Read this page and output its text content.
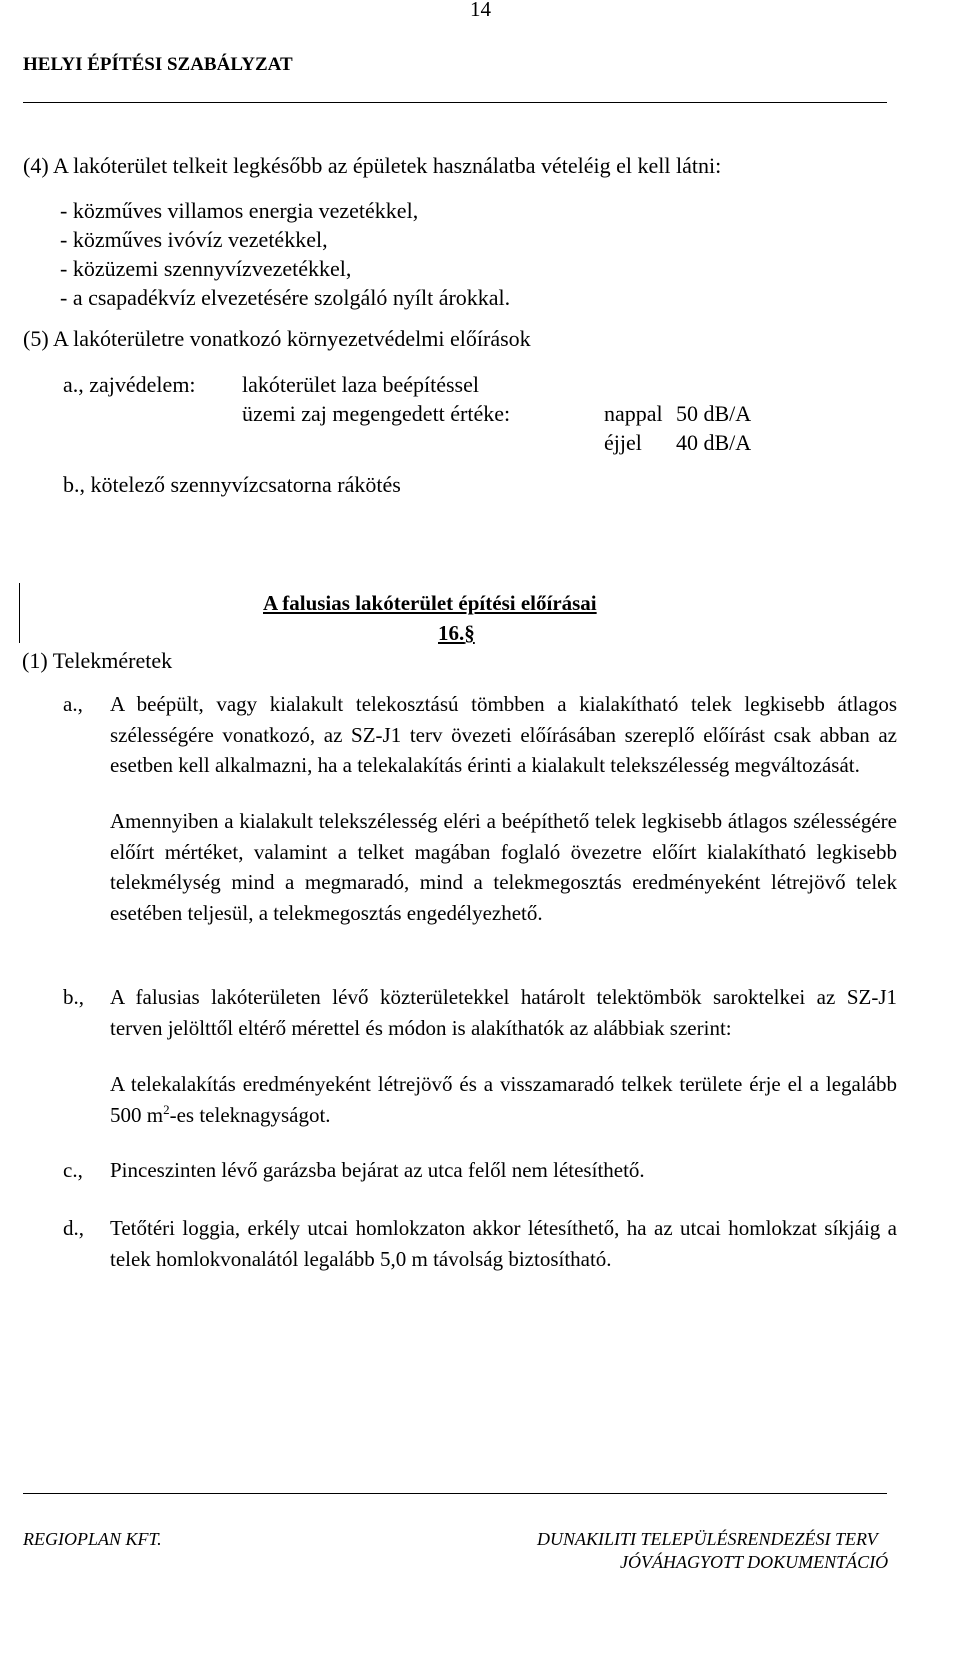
14
HELYI ÉPÍTÉSI SZABÁLYZAT
(4) A lakóterület telkeit legkésőbb az épületek használatba vételéig el kell látni:
- közműves villamos energia vezetékkel,
- közműves ivóvíz vezetékkel,
- közüzemi szennyvízvezetékkel,
- a csapadékvíz elvezetésére szolgáló nyílt árokkal.
(5) A lakóterületre vonatkozó környezetvédelmi előírások
a., zajvédelem: lakóterület laza beépítéssel
üzemi zaj megengedett értéke:	nappal 50 dB/A
éjjel 40 dB/A
b., kötelező szennyvízcsatorna rákötés
A falusias lakóterület építési előírásai
16.§
(1) Telekméretek
a., A beépült, vagy kialakult telekosztású tömbben a kialakítható telek legkisebb átlagos szélességére vonatkozó, az SZ-J1 terv övezeti előírásában szereplő előírást csak abban az esetben kell alkalmazni, ha a telekalakítás érinti a kialakult telekszélesség megváltozását.
Amennyiben a kialakult telekszélesség eléri a beépíthető telek legkisebb átlagos szélességére előírt mértéket, valamint a telket magában foglaló övezetre előírt kialakítható legkisebb telekmélység mind a megmaradó, mind a telekmegosztás eredményeként létrejövő telek esetében teljesül, a telekmegosztás engedélyezhető.
b., A falusias lakóterületen lévő közterületekkel határolt telektömbök saroktelkei az SZ-J1 terven jelölttől eltérő mérettel és módon is alakíthatók az alábbiak szerint:
A telekalakítás eredményeként létrejövő és a visszamaradó telkek területe érje el a legalább 500 $m^2-es$ teleknagyságot.
c., Pinceszinten lévő garázsba bejárat az utca felől nem létesíthető.
d., Tetőtéri loggia, erkély utcai homlokzaton akkor létesíthető, ha az utcai homlokzat síkjáig a telek homlokvonalától legalább 5,0 m távolság biztosítható.
REGIOPLAN KFT.	DUNAKILITI TELEPÜLÉSRENDEZÉSI TERV
JÓVÁHAGYOTT DOKUMENTÁCIÓ
